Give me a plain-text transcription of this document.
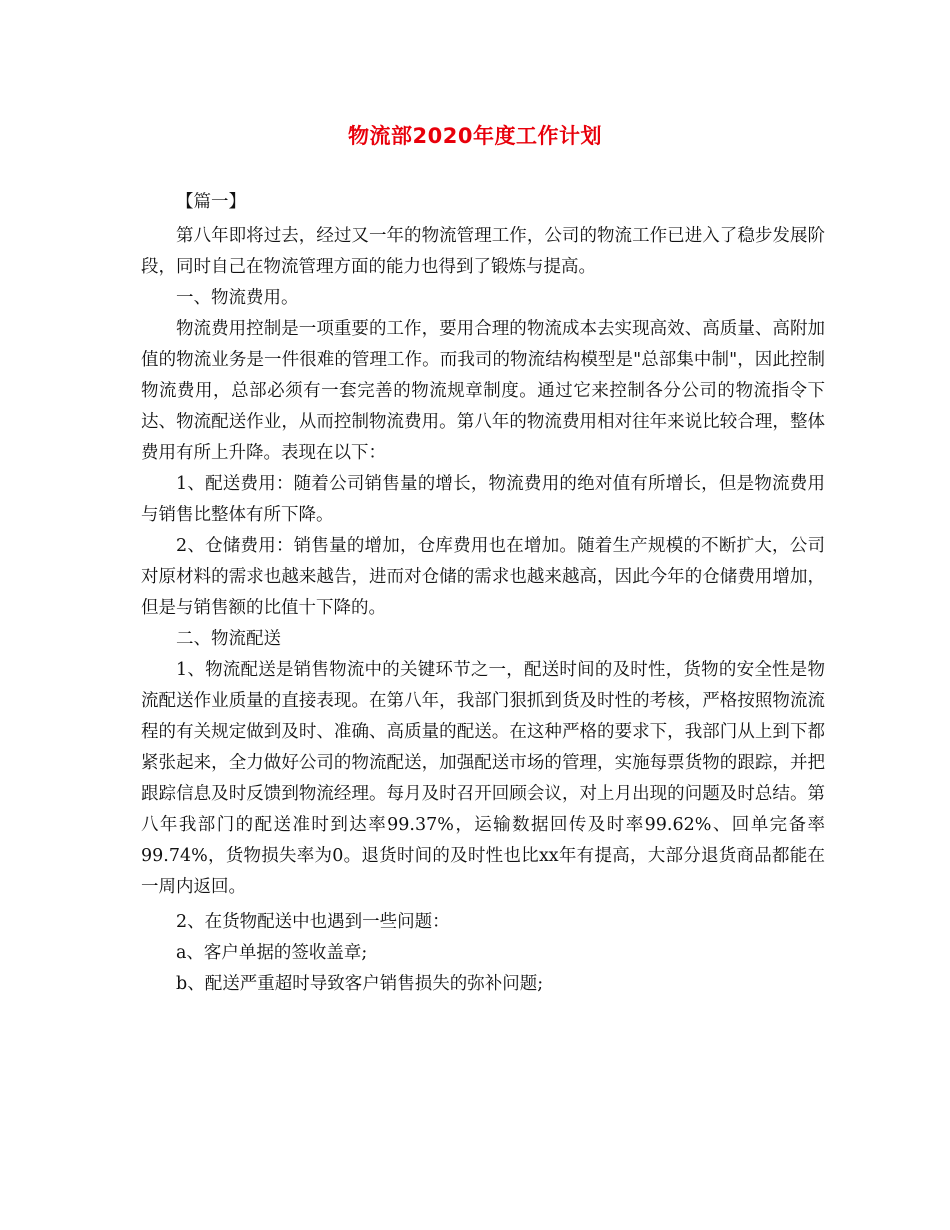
物流部2020年度工作计划

【篇一】

第八年即将过去，经过又一年的物流管理工作，公司的物流工作已进入了稳步发展阶段，同时自己在物流管理方面的能力也得到了锻炼与提高。

一、物流费用。

物流费用控制是一项重要的工作，要用合理的物流成本去实现高效、高质量、高附加值的物流业务是一件很难的管理工作。而我司的物流结构模型是"总部集中制"，因此控制物流费用，总部必须有一套完善的物流规章制度。通过它来控制各分公司的物流指令下达、物流配送作业，从而控制物流费用。第八年的物流费用相对往年来说比较合理，整体费用有所上升降。表现在以下：

1、配送费用：随着公司销售量的增长，物流费用的绝对值有所增长，但是物流费用与销售比整体有所下降。

2、仓储费用：销售量的增加，仓库费用也在增加。随着生产规模的不断扩大，公司对原材料的需求也越来越告，进而对仓储的需求也越来越高，因此今年的仓储费用增加，但是与销售额的比值十下降的。

二、物流配送

1、物流配送是销售物流中的关键环节之一，配送时间的及时性，货物的安全性是物流配送作业质量的直接表现。在第八年，我部门狠抓到货及时性的考核，严格按照物流流程的有关规定做到及时、准确、高质量的配送。在这种严格的要求下，我部门从上到下都紧张起来，全力做好公司的物流配送，加强配送市场的管理，实施每票货物的跟踪，并把跟踪信息及时反馈到物流经理。每月及时召开回顾会议，对上月出现的问题及时总结。第八年我部门的配送准时到达率99.37%，运输数据回传及时率99.62%、回单完备率99.74%，货物损失率为0。退货时间的及时性也比xx年有提高，大部分退货商品都能在一周内返回。

2、在货物配送中也遇到一些问题：

a、客户单据的签收盖章;

b、配送严重超时导致客户销售损失的弥补问题;
